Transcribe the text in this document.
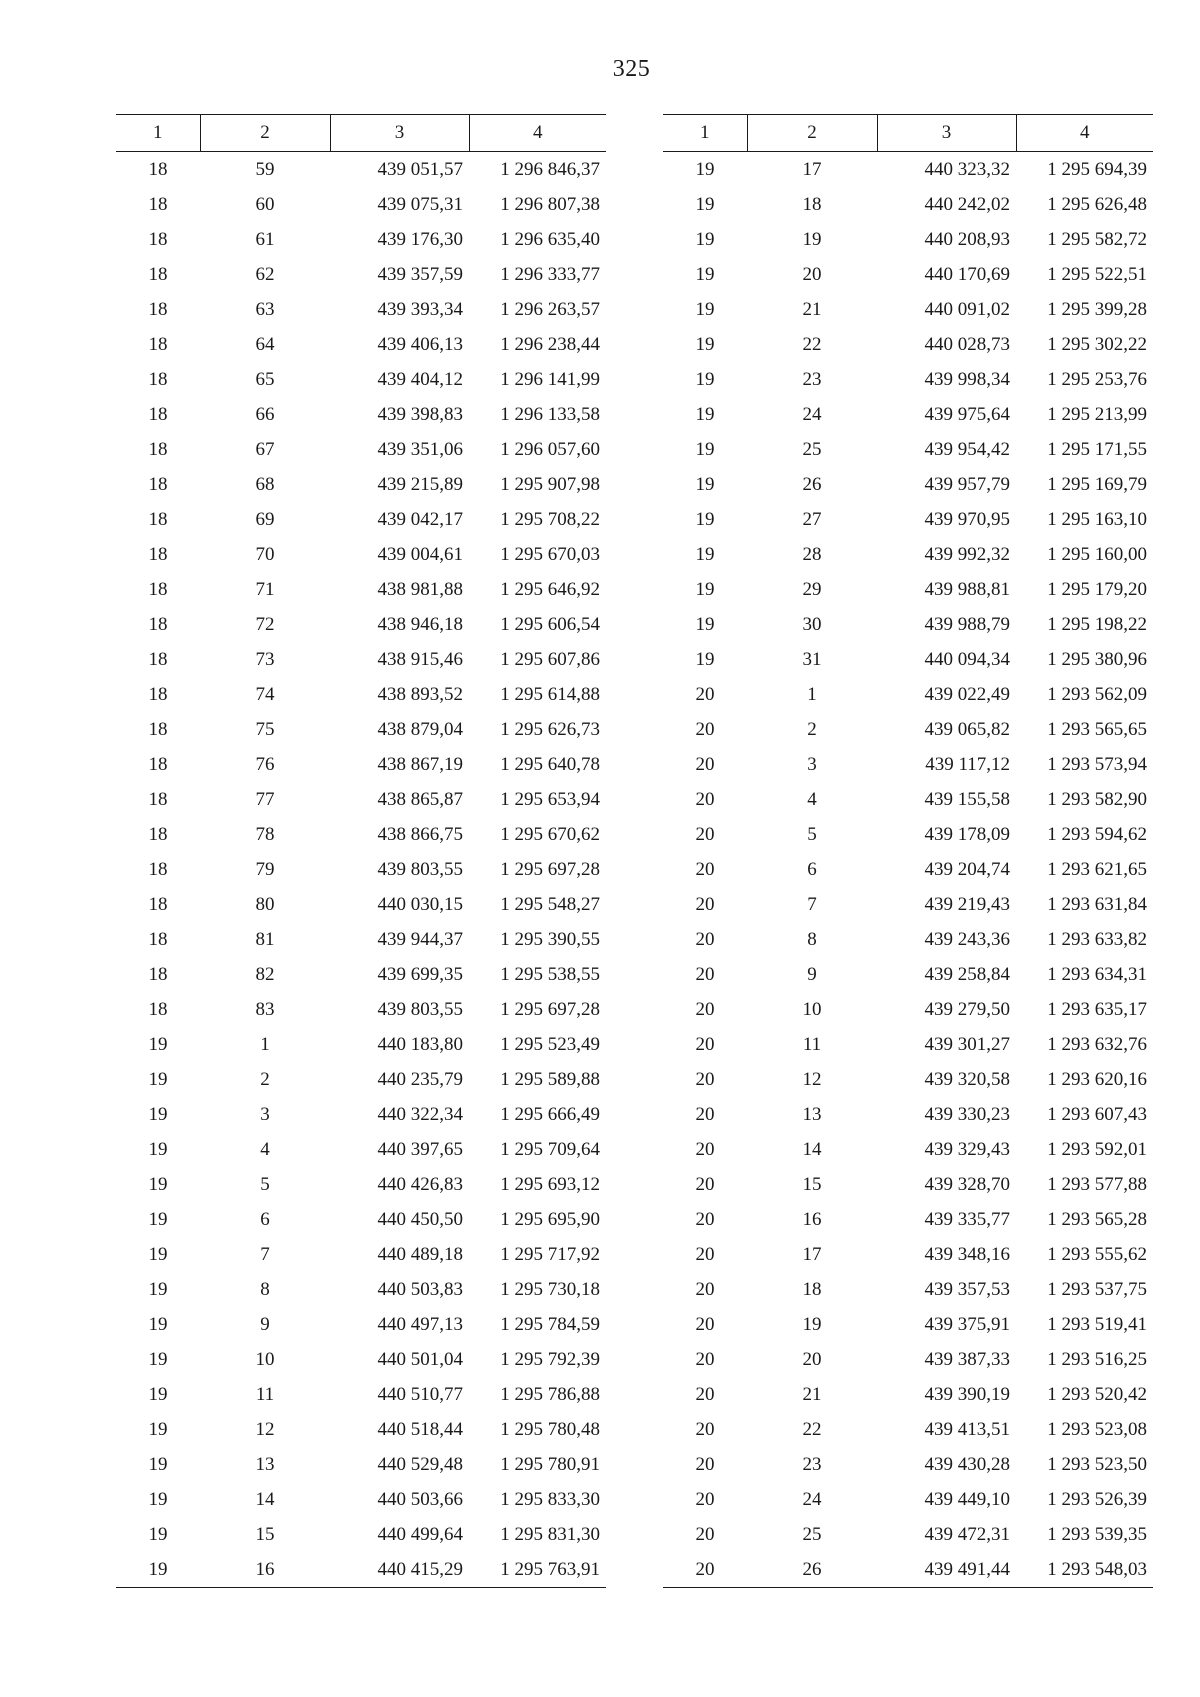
325
1	2	3	4
18	59	439 051,57	1 296 846,37
18	60	439 075,31	1 296 807,38
18	61	439 176,30	1 296 635,40
18	62	439 357,59	1 296 333,77
18	63	439 393,34	1 296 263,57
18	64	439 406,13	1 296 238,44
18	65	439 404,12	1 296 141,99
18	66	439 398,83	1 296 133,58
18	67	439 351,06	1 296 057,60
18	68	439 215,89	1 295 907,98
18	69	439 042,17	1 295 708,22
18	70	439 004,61	1 295 670,03
18	71	438 981,88	1 295 646,92
18	72	438 946,18	1 295 606,54
18	73	438 915,46	1 295 607,86
18	74	438 893,52	1 295 614,88
18	75	438 879,04	1 295 626,73
18	76	438 867,19	1 295 640,78
18	77	438 865,87	1 295 653,94
18	78	438 866,75	1 295 670,62
18	79	439 803,55	1 295 697,28
18	80	440 030,15	1 295 548,27
18	81	439 944,37	1 295 390,55
18	82	439 699,35	1 295 538,55
18	83	439 803,55	1 295 697,28
19	1	440 183,80	1 295 523,49
19	2	440 235,79	1 295 589,88
19	3	440 322,34	1 295 666,49
19	4	440 397,65	1 295 709,64
19	5	440 426,83	1 295 693,12
19	6	440 450,50	1 295 695,90
19	7	440 489,18	1 295 717,92
19	8	440 503,83	1 295 730,18
19	9	440 497,13	1 295 784,59
19	10	440 501,04	1 295 792,39
19	11	440 510,77	1 295 786,88
19	12	440 518,44	1 295 780,48
19	13	440 529,48	1 295 780,91
19	14	440 503,66	1 295 833,30
19	15	440 499,64	1 295 831,30
19	16	440 415,29	1 295 763,91
1	2	3	4
19	17	440 323,32	1 295 694,39
19	18	440 242,02	1 295 626,48
19	19	440 208,93	1 295 582,72
19	20	440 170,69	1 295 522,51
19	21	440 091,02	1 295 399,28
19	22	440 028,73	1 295 302,22
19	23	439 998,34	1 295 253,76
19	24	439 975,64	1 295 213,99
19	25	439 954,42	1 295 171,55
19	26	439 957,79	1 295 169,79
19	27	439 970,95	1 295 163,10
19	28	439 992,32	1 295 160,00
19	29	439 988,81	1 295 179,20
19	30	439 988,79	1 295 198,22
19	31	440 094,34	1 295 380,96
20	1	439 022,49	1 293 562,09
20	2	439 065,82	1 293 565,65
20	3	439 117,12	1 293 573,94
20	4	439 155,58	1 293 582,90
20	5	439 178,09	1 293 594,62
20	6	439 204,74	1 293 621,65
20	7	439 219,43	1 293 631,84
20	8	439 243,36	1 293 633,82
20	9	439 258,84	1 293 634,31
20	10	439 279,50	1 293 635,17
20	11	439 301,27	1 293 632,76
20	12	439 320,58	1 293 620,16
20	13	439 330,23	1 293 607,43
20	14	439 329,43	1 293 592,01
20	15	439 328,70	1 293 577,88
20	16	439 335,77	1 293 565,28
20	17	439 348,16	1 293 555,62
20	18	439 357,53	1 293 537,75
20	19	439 375,91	1 293 519,41
20	20	439 387,33	1 293 516,25
20	21	439 390,19	1 293 520,42
20	22	439 413,51	1 293 523,08
20	23	439 430,28	1 293 523,50
20	24	439 449,10	1 293 526,39
20	25	439 472,31	1 293 539,35
20	26	439 491,44	1 293 548,03
